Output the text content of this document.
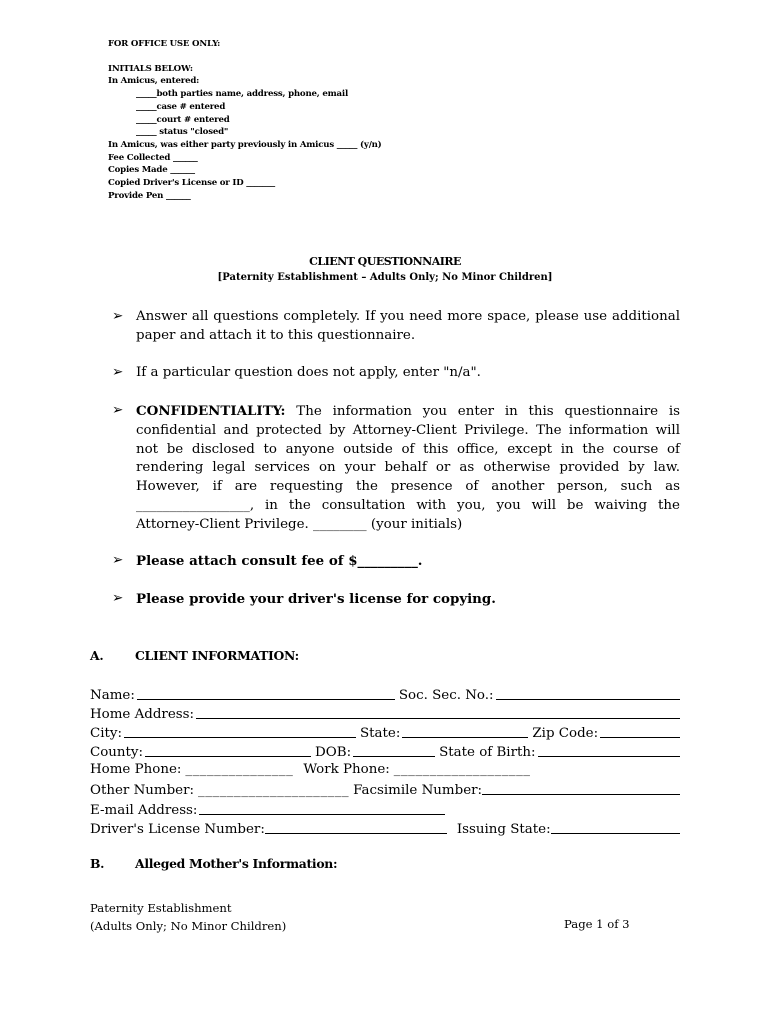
FOR OFFICE USE ONLY:
INITIALS BELOW:
In Amicus, entered:
_____both parties name, address, phone, email
_____case # entered
_____court # entered
_____ status "closed"
In Amicus, was either party previously in Amicus _____ (y/n)
Fee Collected ______
Copies Made ______
Copied Driver's License or ID _______
Provide Pen ______
CLIENT QUESTIONNAIRE
[Paternity Establishment – Adults Only; No Minor Children]
➢ Answer all questions completely. If you need more space, please use additional paper and attach it to this questionnaire.
➢ If a particular question does not apply, enter "n/a".
➢ CONFIDENTIALITY: The information you enter in this questionnaire is confidential and protected by Attorney-Client Privilege. The information will not be disclosed to anyone outside of this office, except in the course of rendering legal services on your behalf or as otherwise provided by law. However, if are requesting the presence of another person, such as _________________, in the consultation with you, you will be waiving the Attorney-Client Privilege. ________ (your initials)
➢ Please attach consult fee of $_________.
➢ Please provide your driver's license for copying.
A.	CLIENT INFORMATION:
Name:	Soc. Sec. No.:
Home Address:
City:	State:	Zip Code:
County:	DOB:	State of Birth:
Home Phone: _______________ Work Phone: ___________________
Other Number: _____________________ Facsimile Number:
E-mail Address:
Driver's License Number:	Issuing State:
B. Alleged Mother's Information:
Paternity Establishment
(Adults Only; No Minor Children)	Page 1 of 3
